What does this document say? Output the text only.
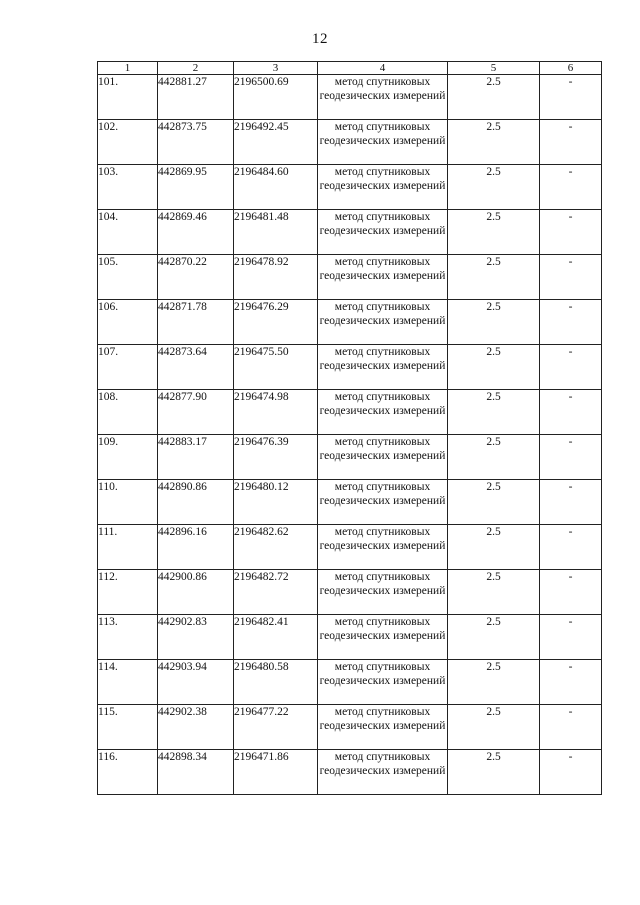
12
1	2	3	4	5	6
101.	442881.27	2196500.69	метод спутниковых геодезических измерений	2.5	-
102.	442873.75	2196492.45	метод спутниковых геодезических измерений	2.5	-
103.	442869.95	2196484.60	метод спутниковых геодезических измерений	2.5	-
104.	442869.46	2196481.48	метод спутниковых геодезических измерений	2.5	-
105.	442870.22	2196478.92	метод спутниковых геодезических измерений	2.5	-
106.	442871.78	2196476.29	метод спутниковых геодезических измерений	2.5	-
107.	442873.64	2196475.50	метод спутниковых геодезических измерений	2.5	-
108.	442877.90	2196474.98	метод спутниковых геодезических измерений	2.5	-
109.	442883.17	2196476.39	метод спутниковых геодезических измерений	2.5	-
110.	442890.86	2196480.12	метод спутниковых геодезических измерений	2.5	-
111.	442896.16	2196482.62	метод спутниковых геодезических измерений	2.5	-
112.	442900.86	2196482.72	метод спутниковых геодезических измерений	2.5	-
113.	442902.83	2196482.41	метод спутниковых геодезических измерений	2.5	-
114.	442903.94	2196480.58	метод спутниковых геодезических измерений	2.5	-
115.	442902.38	2196477.22	метод спутниковых геодезических измерений	2.5	-
116.	442898.34	2196471.86	метод спутниковых геодезических измерений	2.5	-
